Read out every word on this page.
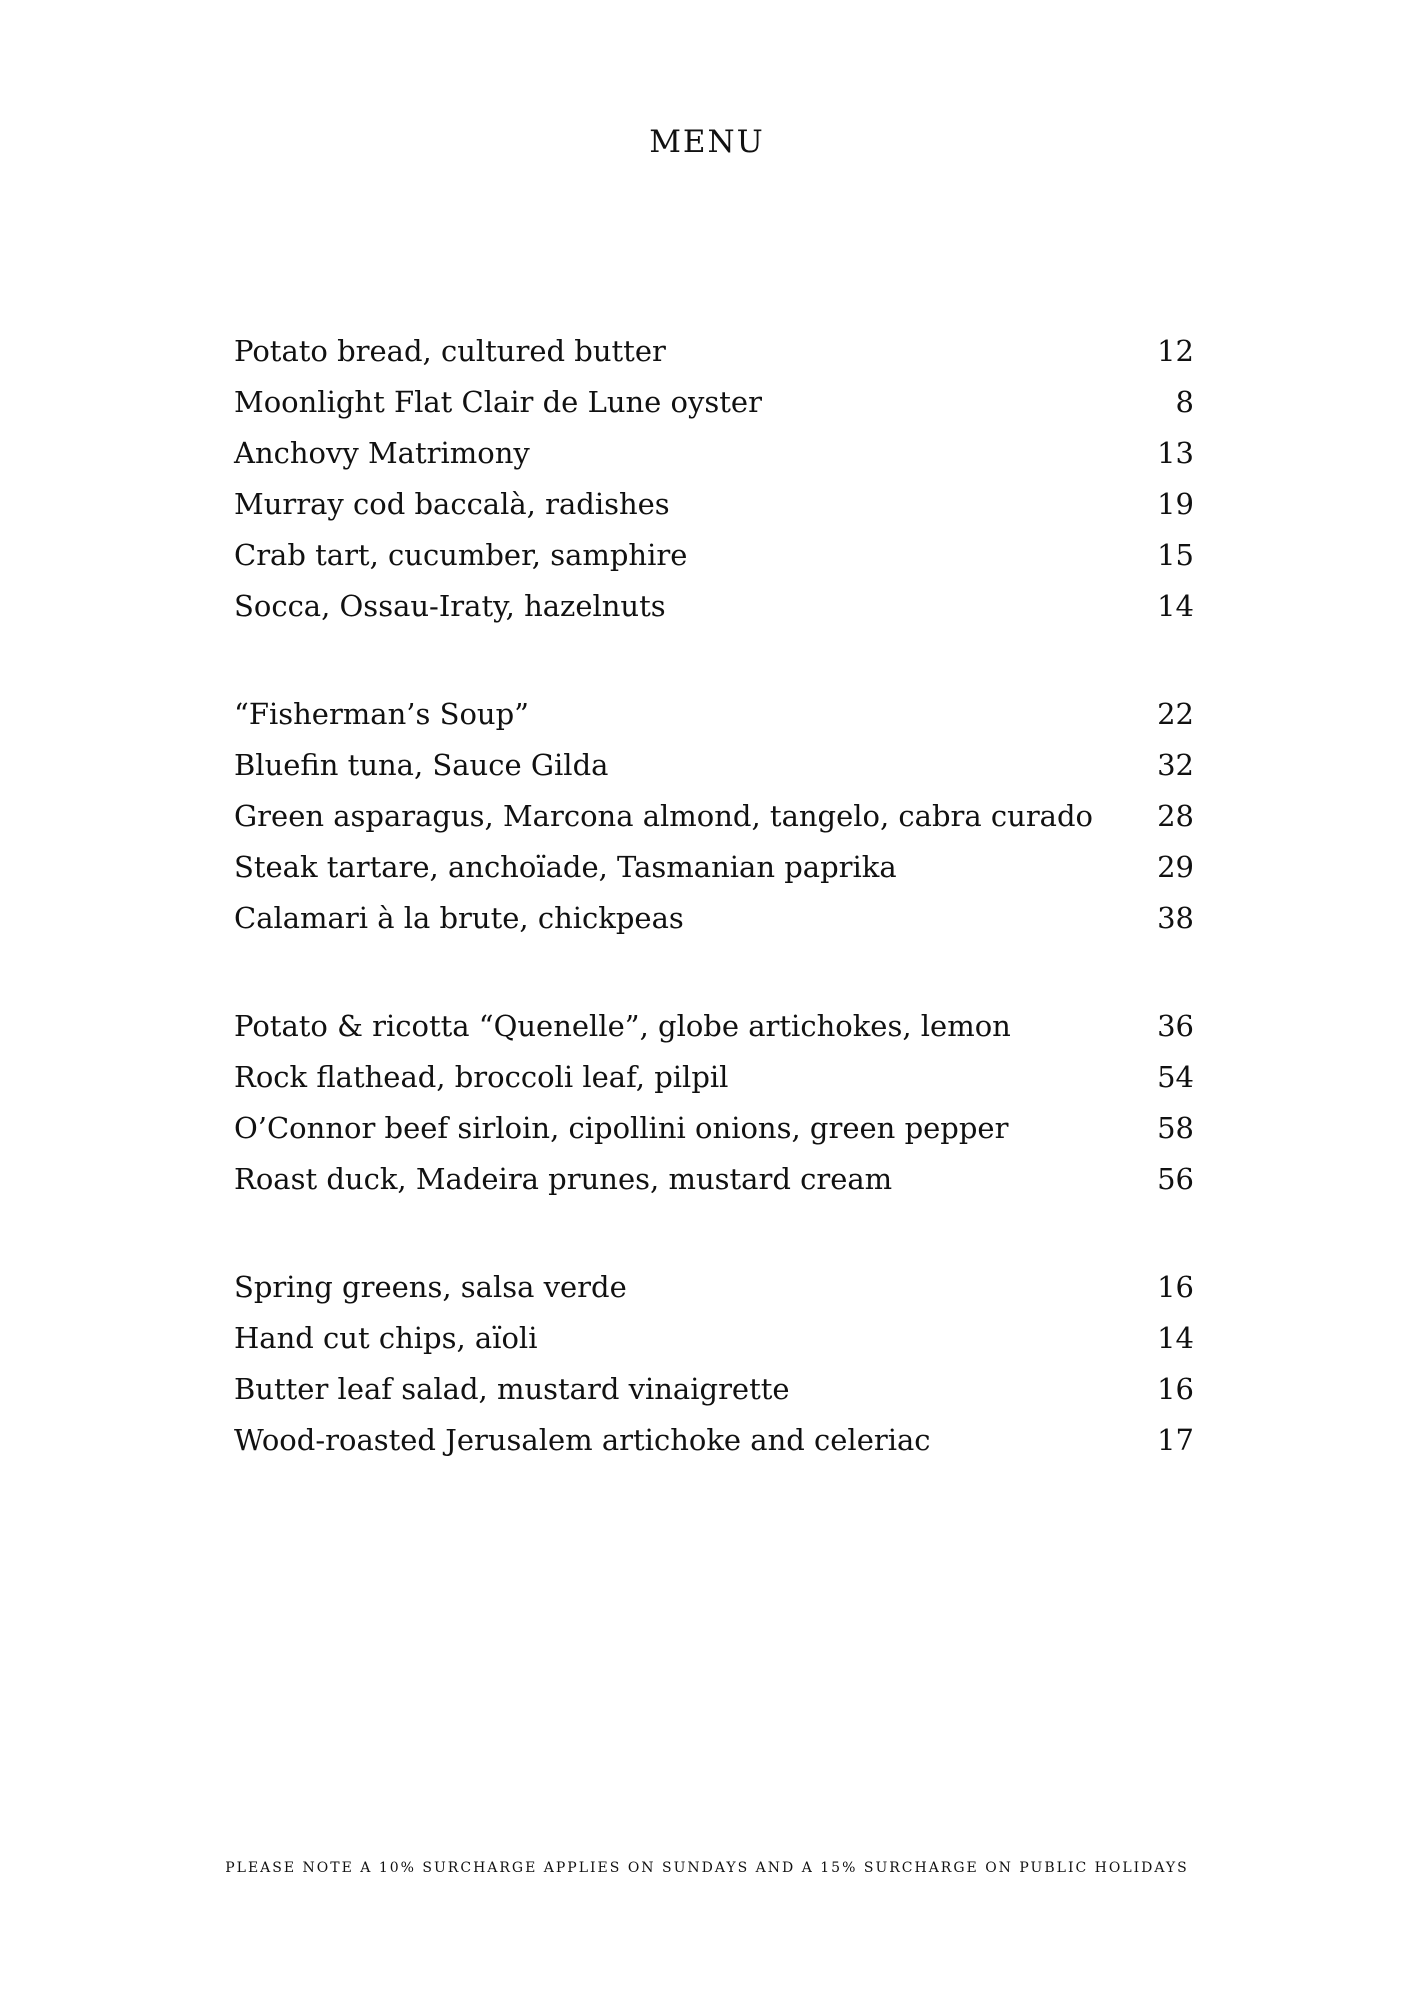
MENU
Potato bread, cultured butter	12
Moonlight Flat Clair de Lune oyster	8
Anchovy Matrimony	13
Murray cod baccalà, radishes	19
Crab tart, cucumber, samphire	15
Socca, Ossau-Iraty, hazelnuts	14
“Fisherman’s Soup”	22
Bluefin tuna, Sauce Gilda	32
Green asparagus, Marcona almond, tangelo, cabra curado	28
Steak tartare, anchoïade, Tasmanian paprika	29
Calamari à la brute, chickpeas	38
Potato & ricotta “Quenelle”, globe artichokes, lemon	36
Rock flathead, broccoli leaf, pilpil	54
O’Connor beef sirloin, cipollini onions, green pepper	58
Roast duck, Madeira prunes, mustard cream	56
Spring greens, salsa verde	16
Hand cut chips, aïoli	14
Butter leaf salad, mustard vinaigrette	16
Wood-roasted Jerusalem artichoke and celeriac	17
PLEASE NOTE A 10% SURCHARGE APPLIES ON SUNDAYS AND A 15% SURCHARGE ON PUBLIC HOLIDAYS
